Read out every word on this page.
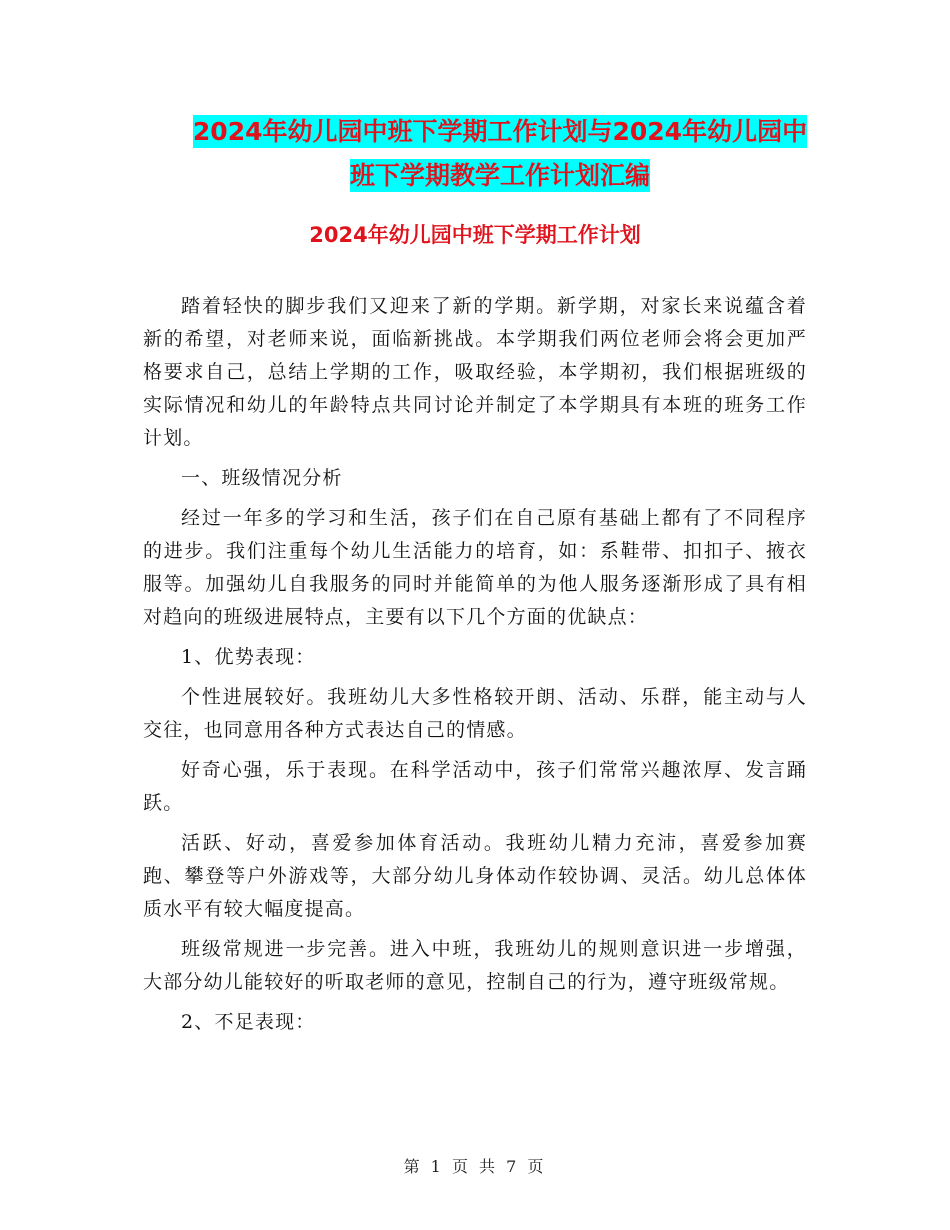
2024年幼儿园中班下学期工作计划与2024年幼儿园中
班下学期教学工作计划汇编
2024年幼儿园中班下学期工作计划

踏着轻快的脚步我们又迎来了新的学期。新学期，对家长来说蕴含着新的希望，对老师来说，面临新挑战。本学期我们两位老师会将会更加严格要求自己，总结上学期的工作，吸取经验，本学期初，我们根据班级的实际情况和幼儿的年龄特点共同讨论并制定了本学期具有本班的班务工作计划。

一、班级情况分析

经过一年多的学习和生活，孩子们在自己原有基础上都有了不同程序的进步。我们注重每个幼儿生活能力的培育，如：系鞋带、扣扣子、掖衣服等。加强幼儿自我服务的同时并能简单的为他人服务逐渐形成了具有相对趋向的班级进展特点，主要有以下几个方面的优缺点：

1、优势表现：

个性进展较好。我班幼儿大多性格较开朗、活动、乐群，能主动与人交往，也同意用各种方式表达自己的情感。

好奇心强，乐于表现。在科学活动中，孩子们常常兴趣浓厚、发言踊跃。

活跃、好动，喜爱参加体育活动。我班幼儿精力充沛，喜爱参加赛跑、攀登等户外游戏等，大部分幼儿身体动作较协调、灵活。幼儿总体体质水平有较大幅度提高。

班级常规进一步完善。进入中班，我班幼儿的规则意识进一步增强，大部分幼儿能较好的听取老师的意见，控制自己的行为，遵守班级常规。

2、不足表现：

第 1 页 共 7 页
